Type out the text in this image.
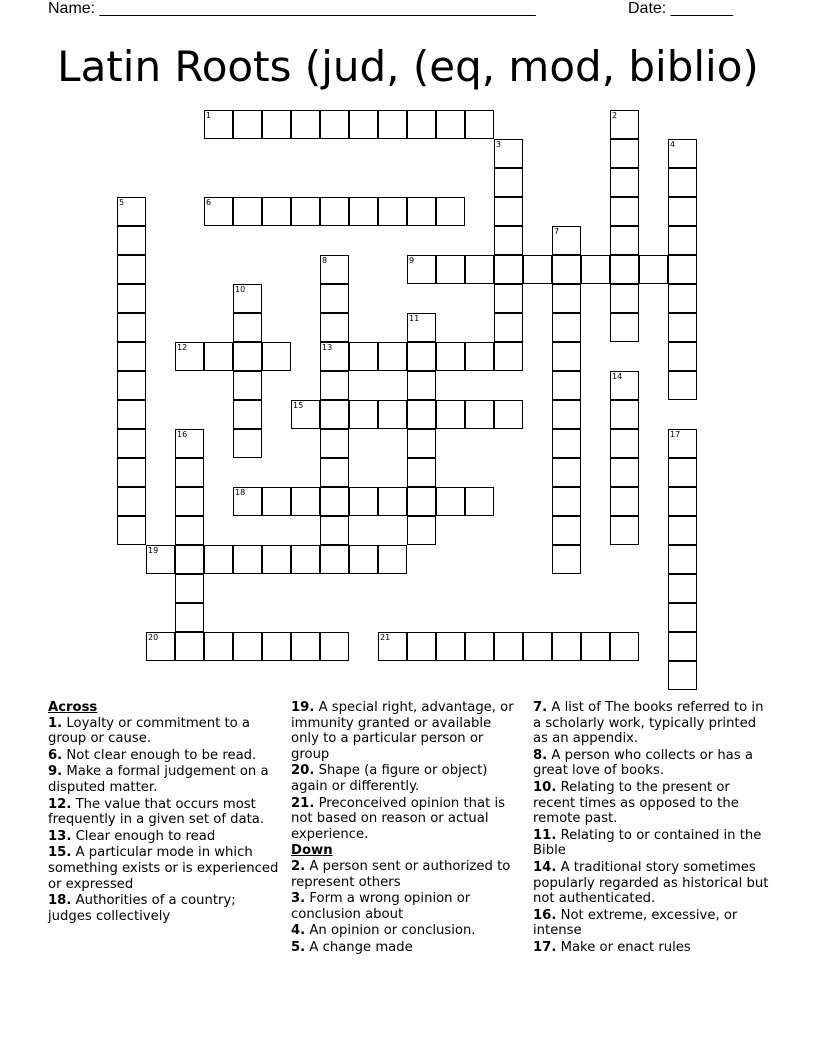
Name: _________________________________________________	Date: _______
Latin Roots (jud, (eq, mod, biblio)
1
6
9
12	13
15
18
19
20	21
2
3	4
5
7
8
10
11
14
16	17
Across
1. Loyalty or commitment to a group or cause.
6. Not clear enough to be read.
9. Make a formal judgement on a disputed matter.
12. The value that occurs most frequently in a given set of data.
13. Clear enough to read
15. A particular mode in which something exists or is experienced or expressed
18. Authorities of a country; judges collectively
19. A special right, advantage, or immunity granted or available only to a particular person or group
20. Shape (a figure or object) again or differently.
21. Preconceived opinion that is not based on reason or actual experience.
Down
2. A person sent or authorized to represent others
3. Form a wrong opinion or conclusion about
4. An opinion or conclusion.
5. A change made
7. A list of The books referred to in a scholarly work, typically printed as an appendix.
8. A person who collects or has a great love of books.
10. Relating to the present or recent times as opposed to the remote past.
11. Relating to or contained in the Bible
14. A traditional story sometimes popularly regarded as historical but not authenticated.
16. Not extreme, excessive, or intense
17. Make or enact rules
